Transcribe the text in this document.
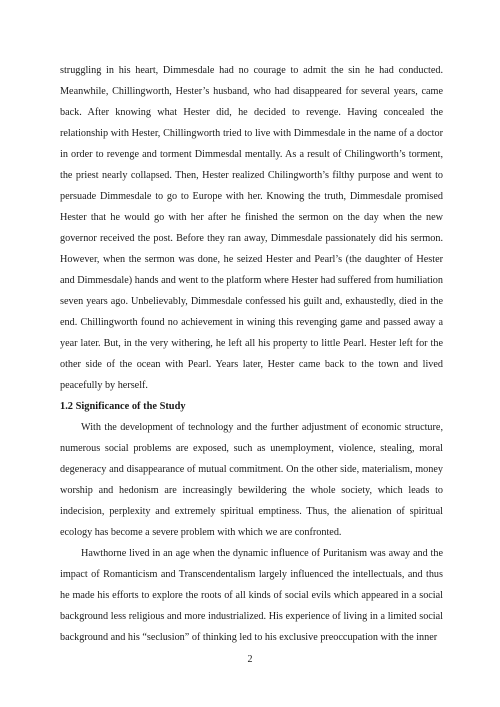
struggling in his heart, Dimmesdale had no courage to admit the sin he had conducted. Meanwhile, Chillingworth, Hester’s husband, who had disappeared for several years, came back. After knowing what Hester did, he decided to revenge. Having concealed the relationship with Hester, Chillingworth tried to live with Dimmesdale in the name of a doctor in order to revenge and torment Dimmesdal mentally. As a result of Chilingworth’s torment, the priest nearly collapsed. Then, Hester realized Chilingworth’s filthy purpose and went to persuade Dimmesdale to go to Europe with her. Knowing the truth, Dimmesdale promised Hester that he would go with her after he finished the sermon on the day when the new governor received the post. Before they ran away, Dimmesdale passionately did his sermon. However, when the sermon was done, he seized Hester and Pearl’s (the daughter of Hester and Dimmesdale) hands and went to the platform where Hester had suffered from humiliation seven years ago. Unbelievably, Dimmesdale confessed his guilt and, exhaustedly, died in the end. Chillingworth found no achievement in wining this revenging game and passed away a year later. But, in the very withering, he left all his property to little Pearl. Hester left for the other side of the ocean with Pearl. Years later, Hester came back to the town and lived peacefully by herself.

1.2 Significance of the Study

With the development of technology and the further adjustment of economic structure, numerous social problems are exposed, such as unemployment, violence, stealing, moral degeneracy and disappearance of mutual commitment. On the other side, materialism, money worship and hedonism are increasingly bewildering the whole society, which leads to indecision, perplexity and extremely spiritual emptiness. Thus, the alienation of spiritual ecology has become a severe problem with which we are confronted.

Hawthorne lived in an age when the dynamic influence of Puritanism was away and the impact of Romanticism and Transcendentalism largely influenced the intellectuals, and thus he made his efforts to explore the roots of all kinds of social evils which appeared in a social background less religious and more industrialized. His experience of living in a limited social background and his “seclusion” of thinking led to his exclusive preoccupation with the inner

2
